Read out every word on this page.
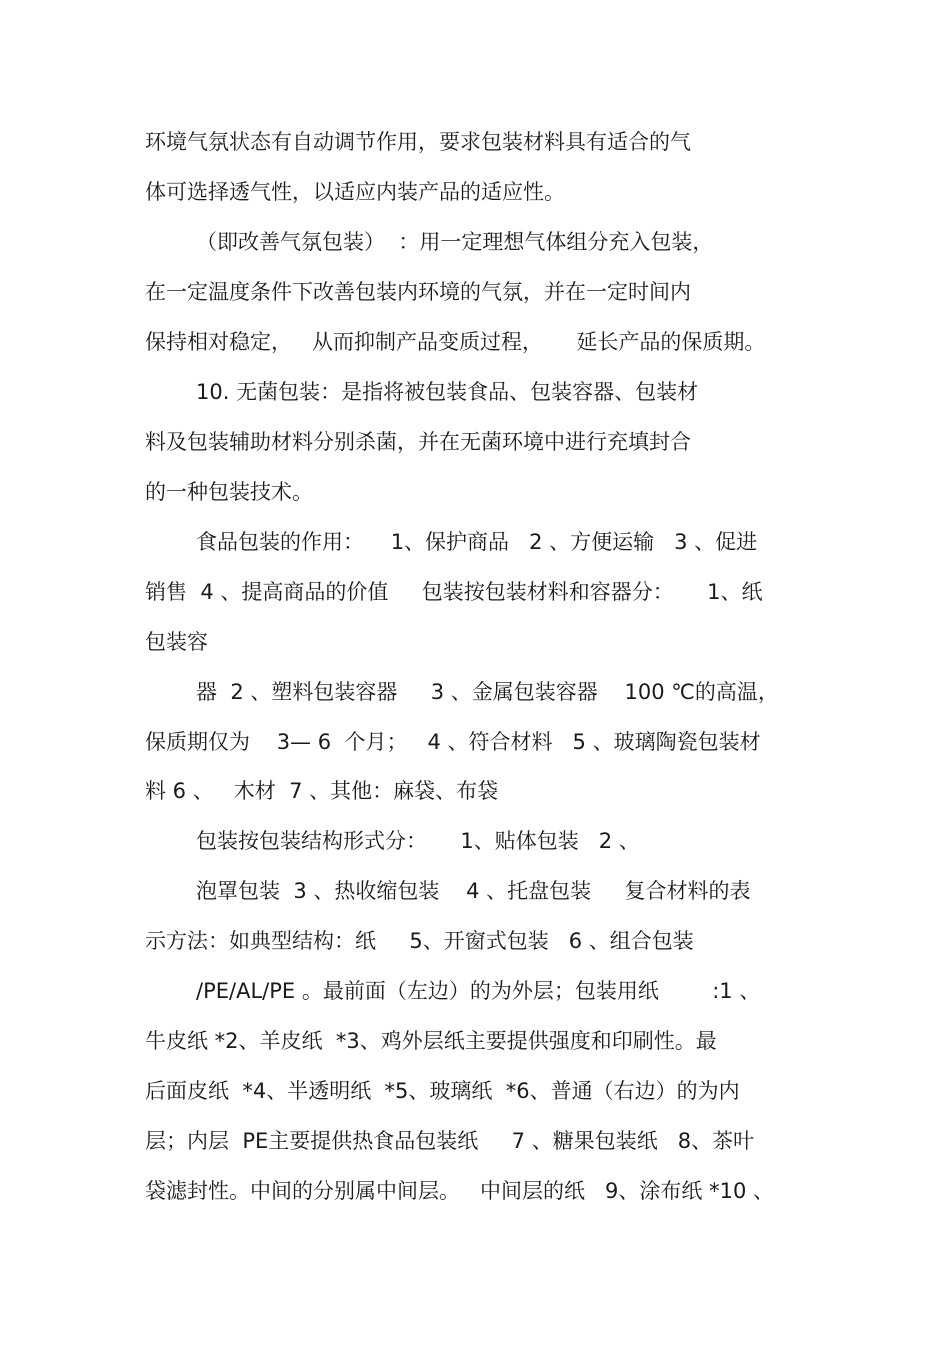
环境气氛状态有自动调节作用，要求包装材料具有适合的气
体可选择透气性，以适应内装产品的适应性。
（即改善气氛包装）  ：用一定理想气体组分充入包装，
在一定温度条件下改善包装内环境的气氛，并在一定时间内
保持相对稳定，   从而抑制产品变质过程，     延长产品的保质期。
10. 无菌包装：是指将被包装食品、包装容器、包装材
料及包装辅助材料分别杀菌，并在无菌环境中进行充填封合
的一种包装技术。
食品包装的作用：    1、保护商品   2 、方便运输   3 、促进
销售  4 、提高商品的价值     包装按包装材料和容器分：     1、纸
包装容
器  2 、塑料包装容器     3 、金属包装容器    100 ℃的高温，
保质期仅为    3— 6  个月；   4 、符合材料   5 、玻璃陶瓷包装材
料 6 、   木材  7 、其他：麻袋、布袋
包装按包装结构形式分：     1、贴体包装   2 、
泡罩包装  3 、热收缩包装    4 、托盘包装     复合材料的表
示方法：如典型结构：纸     5、开窗式包装   6 、组合包装
/PE/AL/PE 。最前面（左边）的为外层；包装用纸        :1 、
牛皮纸 *2、羊皮纸  *3、鸡外层纸主要提供强度和印刷性。最
后面皮纸  *4、半透明纸  *5、玻璃纸  *6、普通（右边）的为内
层；内层  PE主要提供热食品包装纸     7 、糖果包装纸   8、茶叶
袋滤封性。中间的分别属中间层。   中间层的纸   9、涂布纸 *10 、
